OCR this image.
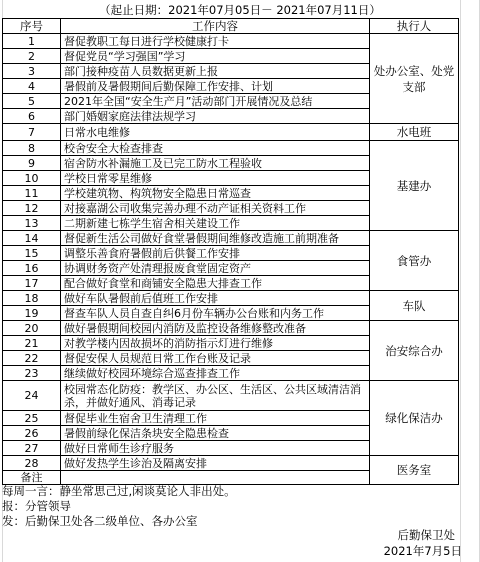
（起止日期：2021年07月05日－ 2021年07月11日）
序号	工作内容	执行人
1	督促教职工每日进行学校健康打卡	处办公室、处党支部
2	督促党员“学习强国”学习	
3	部门接种疫苗人员数据更新上报	
4	暑假前及暑假期间后勤保障工作安排、计划	
5	2021年全国“安全生产月”活动部门开展情况及总结	
6	部门婚姻家庭法律法规学习	
7	日常水电维修	水电班
8	校舍安全大检查排查	基建办
9	宿舍防水补漏施工及已完工防水工程验收	
10	学校日常零星维修	
11	学校建筑物、构筑物安全隐患日常巡查	
12	对接嘉湖公司收集完善办理不动产证相关资料工作	
13	二期新建七栋学生宿舍相关建设工作	
14	督促新生活公司做好食堂暑假期间维修改造施工前期准备	食管办
15	调整乐善食府暑假前后供餐工作安排	
16	协调财务资产处清理报废食堂固定资产	
17	配合做好食堂和商铺安全隐患大排查工作	
18	做好车队暑假前后值班工作安排	车队
19	督查车队人员自查自纠6月份车辆办公台账和内务工作	
20	做好暑假期间校园内消防及监控设备维修整改准备	治安综合办
21	对教学楼内因故损坏的消防指示灯进行维修	
22	督促安保人员规范日常工作台账及记录	
23	继续做好校园环境综合巡查排查工作	
24	校园常态化防疫：教学区、办公区、生活区、公共区域清洁消杀，并做好通风、消毒记录	绿化保洁办
25	督促毕业生宿舍卫生清理工作	
26	暑假前绿化保洁条块安全隐患检查	
27	做好日常师生诊疗服务	
28	做好发热学生诊治及隔离安排	医务室
备注		
每周一言：静坐常思己过,闲谈莫论人非出处。
报：分管领导
发：后勤保卫处各二级单位、各办公室
后勤保卫处
2021年7月5日
